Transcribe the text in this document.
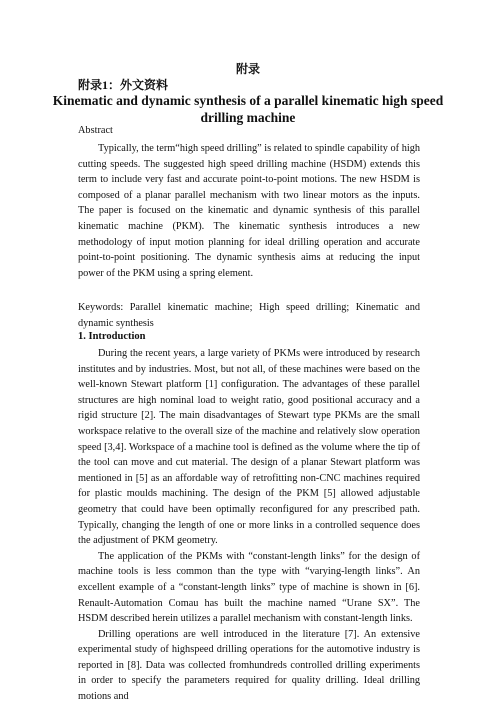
附录
附录1：外文资料
Kinematic and dynamic synthesis of a parallel kinematic high speed
drilling machine
Abstract

Typically, the term“high speed drilling” is related to spindle capability of high cutting speeds. The suggested high speed drilling machine (HSDM) extends this term to include very fast and accurate point-to-point motions. The new HSDM is composed of a planar parallel mechanism with two linear motors as the inputs. The paper is focused on the kinematic and dynamic synthesis of this parallel kinematic machine (PKM). The kinematic synthesis introduces a new methodology of input motion planning for ideal drilling operation and accurate point-to-point positioning. The dynamic synthesis aims at reducing the input power of the PKM using a spring element.

Keywords: Parallel kinematic machine; High speed drilling; Kinematic and dynamic synthesis

1. Introduction

During the recent years, a large variety of PKMs were introduced by research institutes and by industries. Most, but not all, of these machines were based on the well-known Stewart platform [1] configuration. The advantages of these parallel structures are high nominal load to weight ratio, good positional accuracy and a rigid structure [2]. The main disadvantages of Stewart type PKMs are the small workspace relative to the overall size of the machine and relatively slow operation speed [3,4]. Workspace of a machine tool is defined as the volume where the tip of the tool can move and cut material. The design of a planar Stewart platform was mentioned in [5] as an affordable way of retrofitting non-CNC machines required for plastic moulds machining. The design of the PKM [5] allowed adjustable geometry that could have been optimally reconfigured for any prescribed path. Typically, changing the length of one or more links in a controlled sequence does the adjustment of PKM geometry.

The application of the PKMs with “constant-length links” for the design of machine tools is less common than the type with “varying-length links”. An excellent example of a “constant-length links” type of machine is shown in [6]. Renault-Automation Comau has built the machine named “Urane SX”. The HSDM described herein utilizes a parallel mechanism with constant-length links.

Drilling operations are well introduced in the literature [7]. An extensive experimental study of highspeed drilling operations for the automotive industry is reported in [8]. Data was collected fromhundreds controlled drilling experiments in order to specify the parameters required for quality drilling. Ideal drilling motions and
